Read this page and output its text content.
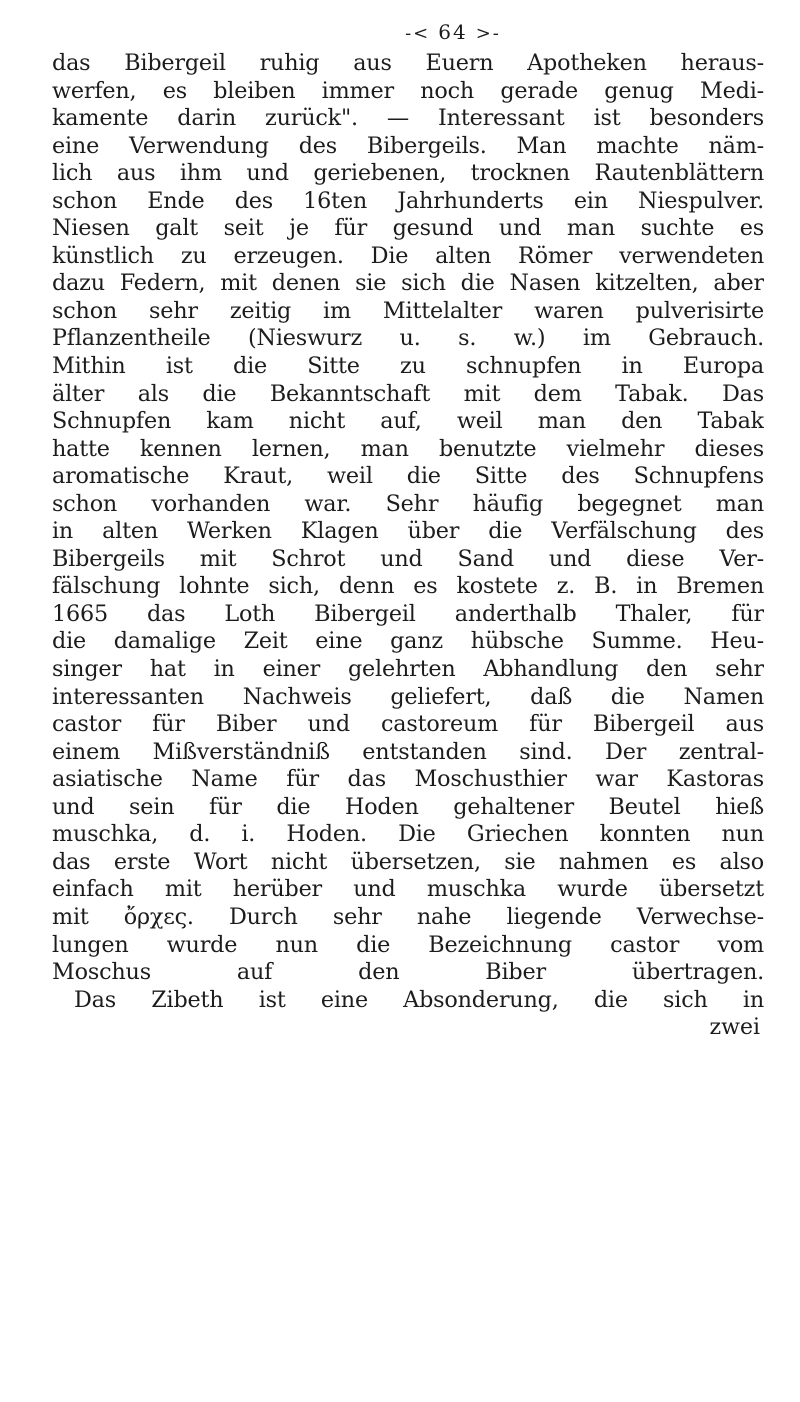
-< 64 >-
das Bibergeil ruhig aus Euern Apotheken heraus-
werfen, es bleiben immer noch gerade genug Medi-
kamente darin zurück". — Interessant ist besonders
eine Verwendung des Bibergeils. Man machte näm-
lich aus ihm und geriebenen, trocknen Rautenblättern
schon Ende des 16ten Jahrhunderts ein Niespulver.
Niesen galt seit je für gesund und man suchte es
künstlich zu erzeugen. Die alten Römer verwendeten
dazu Federn, mit denen sie sich die Nasen kitzelten, aber
schon sehr zeitig im Mittelalter waren pulverisirte
Pflanzentheile (Nieswurz u. s. w.) im Gebrauch.
Mithin ist die Sitte zu schnupfen in Europa
älter als die Bekanntschaft mit dem Tabak. Das
Schnupfen kam nicht auf, weil man den Tabak
hatte kennen lernen, man benutzte vielmehr dieses
aromatische Kraut, weil die Sitte des Schnupfens
schon vorhanden war. Sehr häufig begegnet man
in alten Werken Klagen über die Verfälschung des
Bibergeils mit Schrot und Sand und diese Ver-
fälschung lohnte sich, denn es kostete z. B. in Bremen
1665 das Loth Bibergeil anderthalb Thaler, für
die damalige Zeit eine ganz hübsche Summe. Heu-
singer hat in einer gelehrten Abhandlung den sehr
interessanten Nachweis geliefert, daß die Namen
castor für Biber und castoreum für Bibergeil aus
einem Mißverständniß entstanden sind. Der zentral-
asiatische Name für das Moschusthier war Kastoras
und sein für die Hoden gehaltener Beutel hieß
muschka, d. i. Hoden. Die Griechen konnten nun
das erste Wort nicht übersetzen, sie nahmen es also
einfach mit herüber und muschka wurde übersetzt
mit ὄρχες. Durch sehr nahe liegende Verwechse-
lungen wurde nun die Bezeichnung castor vom
Moschus auf den Biber übertragen.
Das Zibeth ist eine Absonderung, die sich in
zwei
